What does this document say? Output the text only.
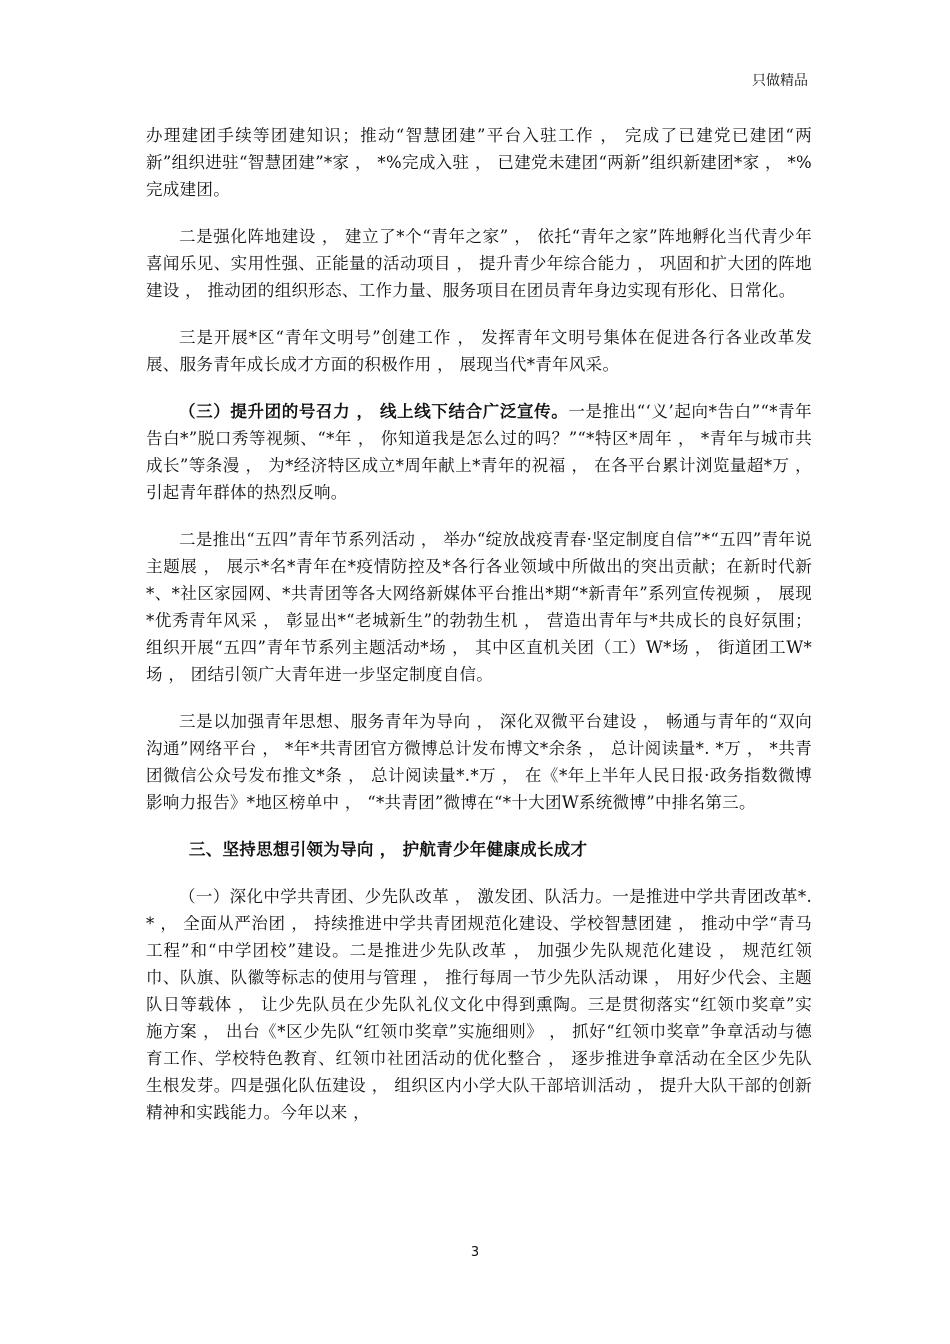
只做精品

办理建团手续等团建知识；推动“智慧团建”平台入驻工作 ， 完成了已建党已建团“两新”组织进驻“智慧团建”*家 ， *%完成入驻 ， 已建党未建团“两新”组织新建团*家 ， *%完成建团。

二是强化阵地建设 ， 建立了*个“青年之家” ， 依托“青年之家”阵地孵化当代青少年喜闻乐见、实用性强、正能量的活动项目 ， 提升青少年综合能力 ， 巩固和扩大团的阵地建设 ， 推动团的组织形态、工作力量、服务项目在团员青年身边实现有形化、日常化。

三是开展*区“青年文明号”创建工作 ， 发挥青年文明号集体在促进各行各业改革发展、服务青年成长成才方面的积极作用 ， 展现当代*青年风采。

（三）提升团的号召力 ， 线上线下结合广泛宣传。一是推出“‘义’起向*告白”“*青年告白*”脱口秀等视频、“*年 ， 你知道我是怎么过的吗？”“*特区*周年 ， *青年与城市共成长”等条漫 ， 为*经济特区成立*周年献上*青年的祝福 ， 在各平台累计浏览量超*万 ， 引起青年群体的热烈反响。

二是推出“五四”青年节系列活动 ， 举办“绽放战疫青春·坚定制度自信”*“五四”青年说主题展 ， 展示*名*青年在*疫情防控及*各行各业领域中所做出的突出贡献；在新时代新*、*社区家园网、*共青团等各大网络新媒体平台推出*期“*新青年”系列宣传视频 ， 展现*优秀青年风采 ， 彰显出*“老城新生”的勃勃生机 ， 营造出青年与*共成长的良好氛围；组织开展“五四”青年节系列主题活动*场 ， 其中区直机关团（工）W*场 ， 街道团工W*场 ， 团结引领广大青年进一步坚定制度自信。

三是以加强青年思想、服务青年为导向 ， 深化双微平台建设 ， 畅通与青年的“双向沟通”网络平台 ， *年*共青团官方微博总计发布博文*余条 ， 总计阅读量*. *万 ， *共青团微信公众号发布推文*条 ， 总计阅读量*.*万 ， 在《*年上半年人民日报·政务指数微博影响力报告》*地区榜单中 ， “*共青团”微博在“*十大团W系统微博”中排名第三。

三、坚持思想引领为导向 ， 护航青少年健康成长成才

（一）深化中学共青团、少先队改革 ， 激发团、队活力。一是推进中学共青团改革*. * ， 全面从严治团 ， 持续推进中学共青团规范化建设、学校智慧团建 ， 推动中学“青马工程”和“中学团校”建设。二是推进少先队改革 ， 加强少先队规范化建设 ， 规范红领巾、队旗、队徽等标志的使用与管理 ， 推行每周一节少先队活动课 ， 用好少代会、主题队日等载体 ， 让少先队员在少先队礼仪文化中得到熏陶。三是贯彻落实“红领巾奖章”实施方案 ， 出台《*区少先队“红领巾奖章”实施细则》 ， 抓好“红领巾奖章”争章活动与德育工作、学校特色教育、红领巾社团活动的优化整合 ， 逐步推进争章活动在全区少先队生根发芽。四是强化队伍建设 ， 组织区内小学大队干部培训活动 ， 提升大队干部的创新精神和实践能力。今年以来 ，

3
